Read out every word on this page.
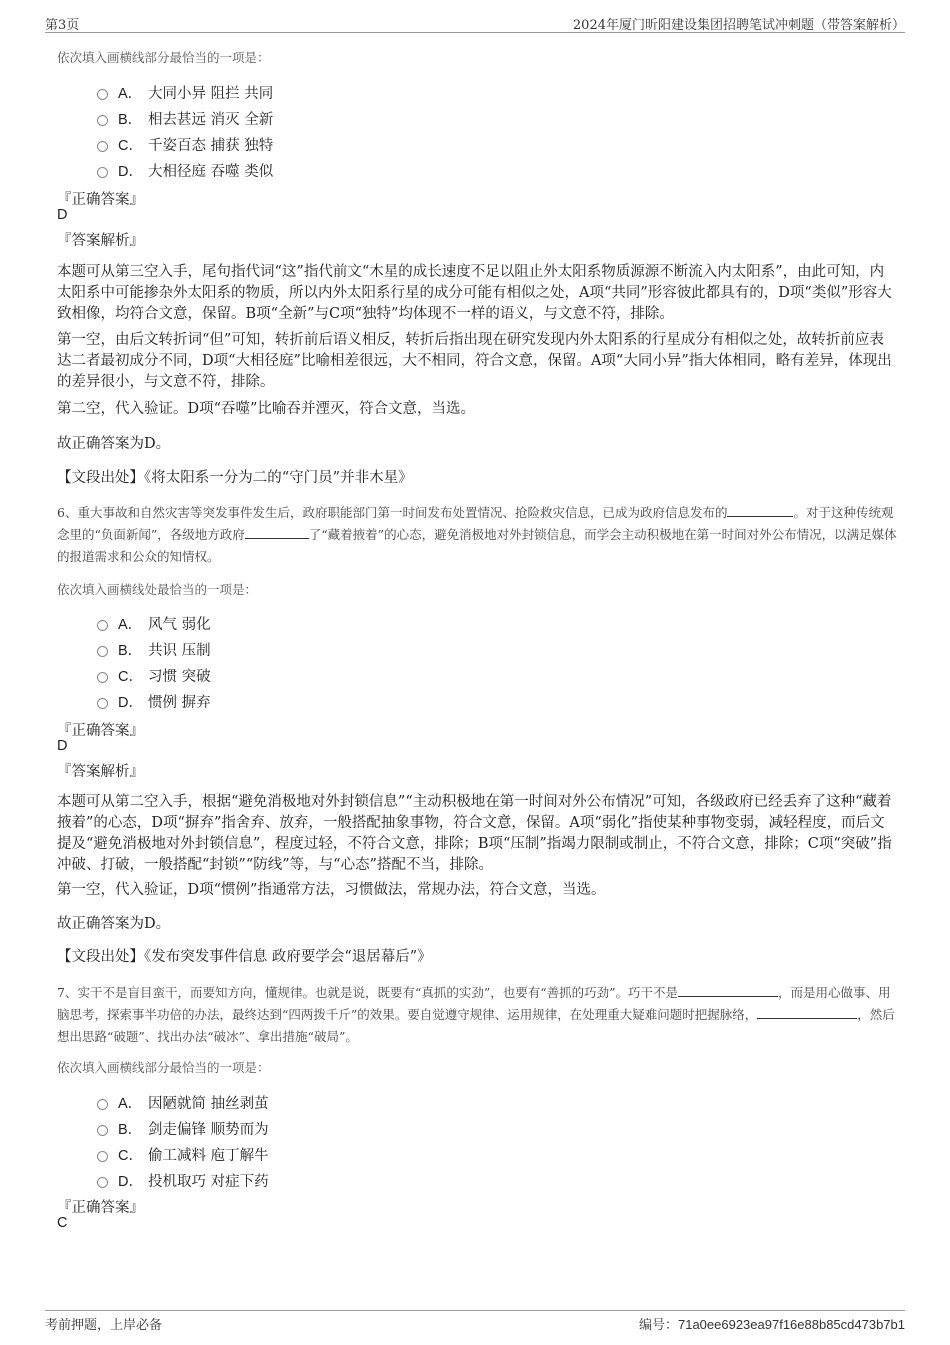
第3页	2024年厦门昕阳建设集团招聘笔试冲刺题（带答案解析）
依次填入画横线部分最恰当的一项是：
A． 大同小异 阻拦 共同
B． 相去甚远 消灭 全新
C． 千姿百态 捕获 独特
D． 大相径庭 吞噬 类似
『正确答案』
D
『答案解析』
本题可从第三空入手，尾句指代词“这”指代前文“木星的成长速度不足以阻止外太阳系物质源源不断流入内太阳系”，由此可知，内太阳系中可能掺杂外太阳系的物质，所以内外太阳系行星的成分可能有相似之处，A项“共同”形容彼此都具有的，D项“类似”形容大致相像，均符合文意，保留。B项“全新”与C项“独特”均体现不一样的语义，与文意不符，排除。
第一空，由后文转折词“但”可知，转折前后语义相反，转折后指出现在研究发现内外太阳系的行星成分有相似之处，故转折前应表达二者最初成分不同，D项“大相径庭”比喻相差很远，大不相同，符合文意，保留。A项“大同小异”指大体相同，略有差异，体现出的差异很小，与文意不符，排除。
第二空，代入验证。D项“吞噬”比喻吞并湮灭，符合文意，当选。
故正确答案为D。
【文段出处】《将太阳系一分为二的“守门员”并非木星》
6、重大事故和自然灾害等突发事件发生后，政府职能部门第一时间发布处置情况、抢险救灾信息，已成为政府信息发布的	。对于这种传统观念里的“负面新闻”，各级地方政府	了“藏着掖着”的心态，避免消极地对外封锁信息，而学会主动积极地在第一时间对外公布情况，以满足媒体的报道需求和公众的知情权。
依次填入画横线处最恰当的一项是：
A． 风气 弱化
B． 共识 压制
C． 习惯 突破
D． 惯例 摒弃
『正确答案』
D
『答案解析』
本题可从第二空入手，根据“避免消极地对外封锁信息”“主动积极地在第一时间对外公布情况”可知，各级政府已经丢弃了这种“藏着掖着”的心态，D项“摒弃”指舍弃、放弃，一般搭配抽象事物，符合文意，保留。A项“弱化”指使某种事物变弱，减轻程度，而后文提及“避免消极地对外封锁信息”，程度过轻，不符合文意，排除；B项“压制”指竭力限制或制止，不符合文意，排除；C项“突破”指冲破、打破，一般搭配“封锁”“防线”等，与“心态”搭配不当，排除。
第一空，代入验证，D项“惯例”指通常方法，习惯做法，常规办法，符合文意，当选。
故正确答案为D。
【文段出处】《发布突发事件信息 政府要学会“退居幕后”》
7、实干不是盲目蛮干，而要知方向，懂规律。也就是说，既要有“真抓的实劲”，也要有“善抓的巧劲”。巧干不是	，而是用心做事、用脑思考，探索事半功倍的办法，最终达到“四两拨千斤”的效果。要自觉遵守规律、运用规律，在处理重大疑难问题时把握脉络，	，然后想出思路“破题”、找出办法“破冰”、拿出措施“破局”。
依次填入画横线部分最恰当的一项是：
A． 因陋就简 抽丝剥茧
B． 剑走偏锋 顺势而为
C． 偷工减料 庖丁解牛
D． 投机取巧 对症下药
『正确答案』
C
考前押题，上岸必备	编号：71a0ee6923ea97f16e88b85cd473b7b1
